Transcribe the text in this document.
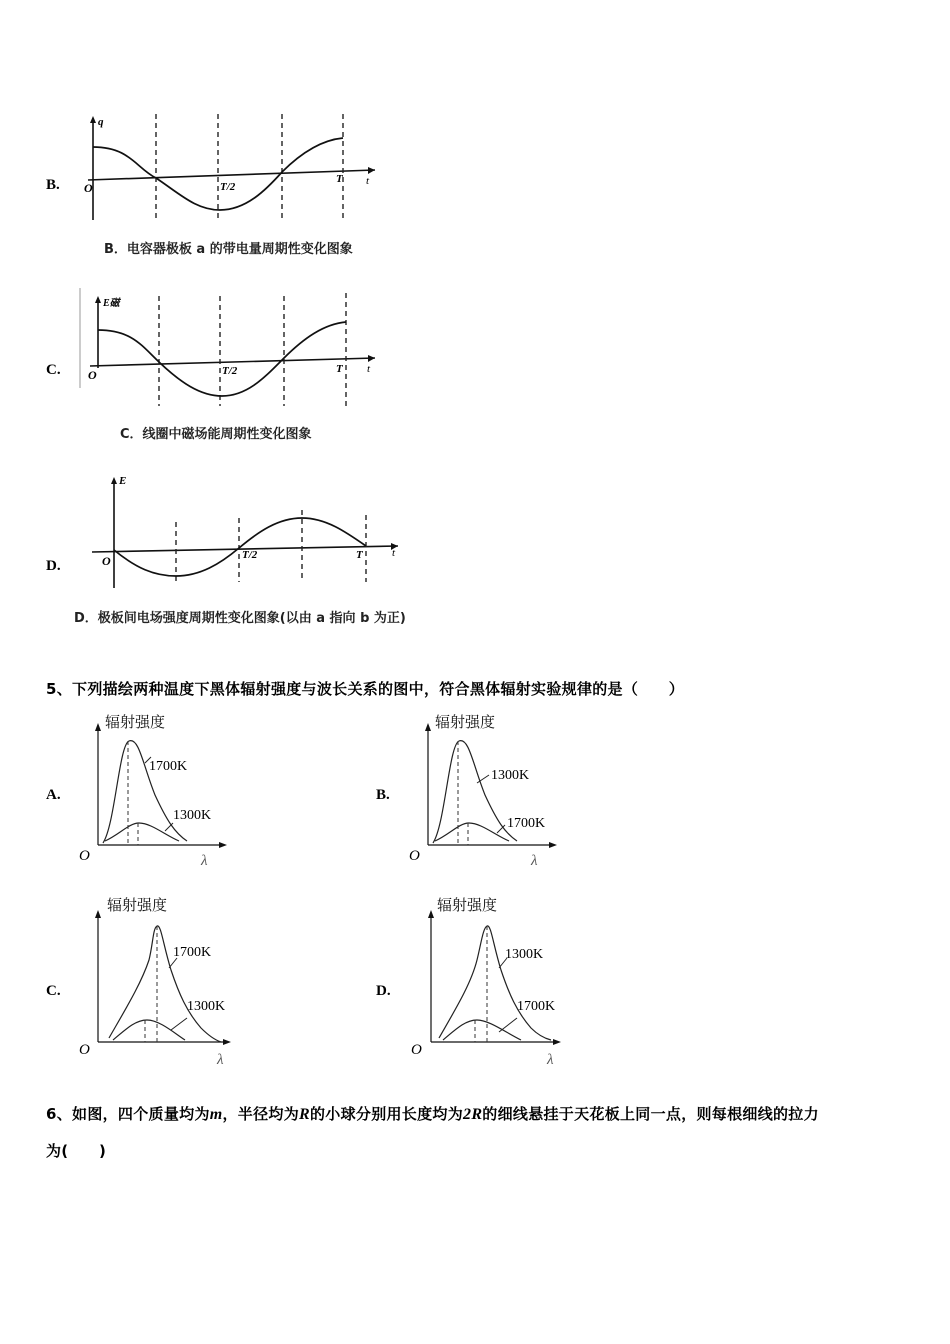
B.
q
t
O	T/2
T
B．电容器极板 a 的带电量周期性变化图象
C.
E磁
t
O	T/2	T
C．线圈中磁场能周期性变化图象
D.
E
t
O	T/2	T
D．极板间电场强度周期性变化图象(以由 a 指向 b 为正)
5、下列描绘两种温度下黑体辐射强度与波长关系的图中，符合黑体辐射实验规律的是（　　）
A.
辐射强度
1700K
1300K
O	λ
B.
辐射强度
1300K
1700K
O	λ
C.
辐射强度
1700K
1300K
O
λ
D.
辐射强度
1300K
1700K
O
λ
6、如图，四个质量均为m，半径均为R的小球分别用长度均为2R的细线悬挂于天花板上同一点，则每根细线的拉力
为(　　)
